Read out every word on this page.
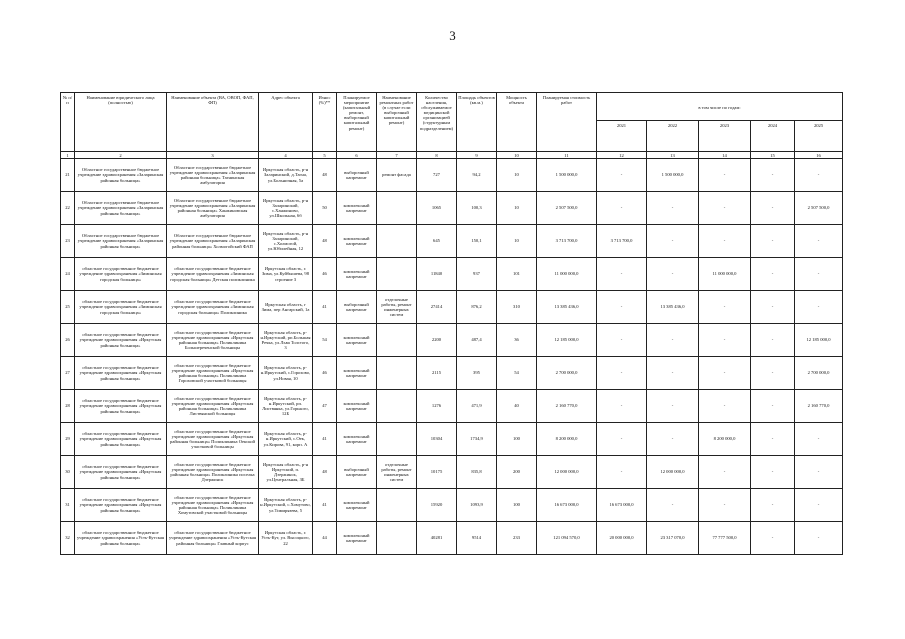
3
№ п/п	Наименование юридического лица (полностью)	Наименование объекта (ВА, ОВОП, ФАП, ФП)	Адрес объекта	Износ (%)**	Планируемое мероприятие (капитальный ремонт, выборочный капитальный ремонт)	Наименование ремонтных работ (в случае если выборочный капитальный ремонт)	Количество населения, обслуживаемое медицинской организацией (структурным подразделением)	Площадь объектов (кв.м.)	Мощность объекта	Планируемая стоимость работ	в том числе по годам:				
											2021	2022	2023	2024	2025
1	2	3	4	5	6	7	8	9	10	11	12	13	14	15	16
21	Областное государственное бюджетное учреждение здравоохранения «Заларинская районная больница»	Областное государственное бюджетное учреждение здравоохранения «Заларинская районная больница» Тагнинская амбулатория	Иркутская область, р-н Заларинский, д.Тагна, ул.Больничная, 5а	48	выборочный капремонт	ремонт фасада	727	94,2	10	1 500 000,0	-	1 500 000,0	-	-	-
22	Областное государственное бюджетное учреждение здравоохранения «Заларинская районная больница»	Областное государственное бюджетное учреждение здравоохранения «Заларинская районная больница» Ханжиновская амбулатория	Иркутская область, р-н Заларинский, с.Ханжиново, ул.Школьная, 6б	50	комплексный капремонт		1065	100,3	10	2 507 500,0	-	-	-	-	2 507 500,0
23	Областное государственное бюджетное учреждение здравоохранения «Заларинская районная больница»	Областное государственное бюджетное учреждение здравоохранения «Заларинская районная больница» Холмогойский ФАП	Иркутская область, р-н Заларинский, с.Холмогой, ул.Юбилейная, 12	48	комплексный капремонт		645	150,1	10	3 713 700,0	3 713 700,0	-	-	-	-
24	областное государственное бюджетное учреждение здравоохранения «Зиминская городская больница»	областное государственное бюджетное учреждение здравоохранения «Зиминская городская больница» Детская поликлиника	Иркутская область, г. Зима, ул.Куйбышева, 98 строение 3	46	комплексный капремонт		11840	937	101	11 000 000,0	-	-	11 000 000,0	-	-
25	областное государственное бюджетное учреждение здравоохранения «Зиминская городская больница»	областное государственное бюджетное учреждение здравоохранения «Зиминская городская больница» Поликлиника	Иркутская область, г Зима, пер Ангарский, 1а	41	выборочный капремонт	отделочные работы, ремонт инженерных систем	27414	876,2	310	13 385 436,0	-	13 385 436,0	-	-	-
26	областное государственное бюджетное учреждение здравоохранения «Иркутская районная больница»	областное государственное бюджетное учреждение здравоохранения «Иркутская районная больница» Поликлиника Большереченской больницы	Иркутская область, р-н.Иркутский, рп.Большая Речка, ул.Льва Толстого, 3	54	комплексный капремонт		2200	487,4	36	12 185 000,0	-	-	-	-	12 185 000,0
27	областное государственное бюджетное учреждение здравоохранения «Иркутская районная больница»	областное государственное бюджетное учреждение здравоохранения «Иркутская районная больница» Поликлиника Гороховской участковой больницы	Иркутская область, р-н.Иркутский, с.Горохово, ул.Новая, 10	46	комплексный капремонт		2115	395	54	2 700 000,0	-	-	-	-	2 700 000,0
28	областное государственное бюджетное учреждение здравоохранения «Иркутская районная больница»	областное государственное бюджетное учреждение здравоохранения «Иркутская районная больница» Поликлиника Листвянской больницы	Иркутская область, р-н.Иркутский, рп. Листвянка, ул.Горького, 12Б	47	комплексный капремонт		1276	471,9	40	2 160 770,0	-	-	-	-	2 160 770,0
29	областное государственное бюджетное учреждение здравоохранения «Иркутская районная больница»	областное государственное бюджетное учреждение здравоохранения «Иркутская районная больница» Поликлиника Оекской участковой больницы	Иркутская область, р-н.Иркутский, с.Оек, ул.Кирова, 91, корп. А	41	комплексный капремонт		10304	1734,9	100	8 200 000,0	-	-	8 200 000,0	-	-
30	областное государственное бюджетное учреждение здравоохранения «Иркутская районная больница»	областное государственное бюджетное учреждение здравоохранения «Иркутская районная больница» Поликлиника поселка Дзержинск	Иркутская область, р-н Иркутский, п. Дзержинск, ул.Центральная, 3Б	48	выборочный капремонт	отделочные работы, ремонт инженерных систем	10175	835,8	200	12 000 000,0	-	12 000 000,0	-	-	-
31	областное государственное бюджетное учреждение здравоохранения «Иркутская районная больница»	областное государственное бюджетное учреждение здравоохранения «Иркутская районная больница» Поликлиника Хомутовской участковой больницы	Иркутская область, р-н.Иркутский, с.Хомутово, ул.Тимирязева, 5	41	комплексный капремонт		15920	1093,9	100	16 673 000,0	16 673 000,0	-	-	-	-
32	областное государственное бюджетное учреждение здравоохранения «Усть-Кутская районная больница»	областное государственное бюджетное учреждение здравоохранения «Усть-Кутская районная больница» Главный корпус	Иркутская область, г. Усть-Кут, ул. Высоцкого, 22	44	комплексный капремонт		40281	9514	233	121 094 570,0	20 000 000,0	23 317 070,0	77 777 500,0	-	-
